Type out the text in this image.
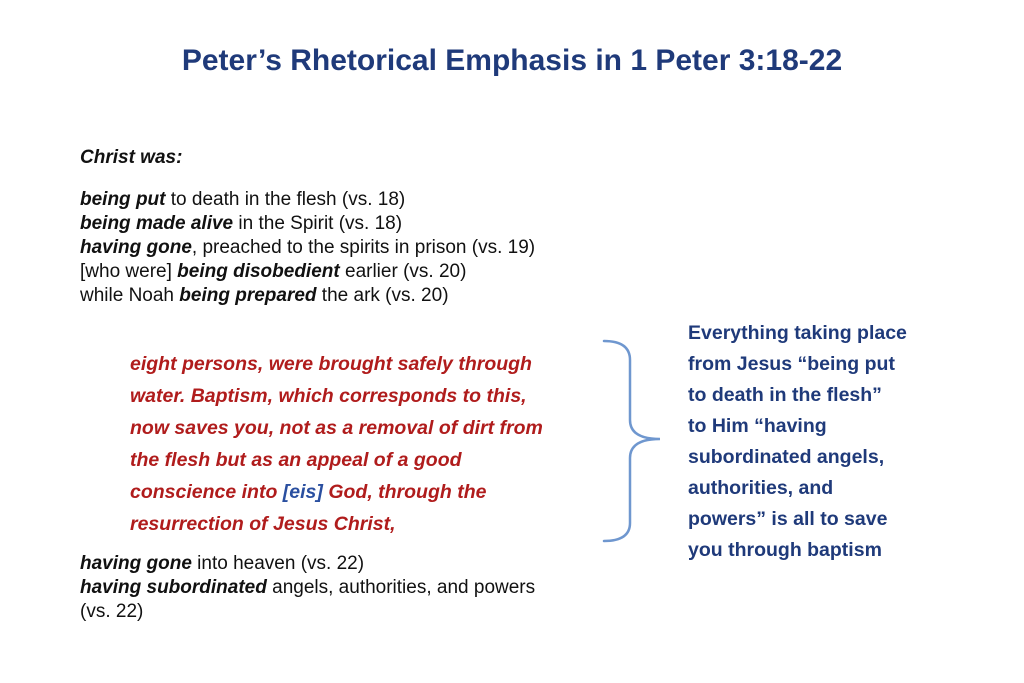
Peter’s Rhetorical Emphasis in 1 Peter 3:18-22
Christ was:
being put to death in the flesh (vs. 18)
being made alive in the Spirit (vs. 18)
having gone, preached to the spirits in prison (vs. 19)
[who were] being disobedient earlier (vs. 20)
while Noah being prepared the ark (vs. 20)
eight persons, were brought safely through
water. Baptism, which corresponds to this,
now saves you, not as a removal of dirt from
the flesh but as an appeal of a good
conscience into [eis] God, through the
resurrection of Jesus Christ,
having gone into heaven (vs. 22)
having subordinated angels, authorities, and powers
(vs. 22)
Everything taking place
from Jesus “being put
to death in the flesh”
to Him “having
subordinated angels,
authorities, and
powers” is all to save
you through baptism
